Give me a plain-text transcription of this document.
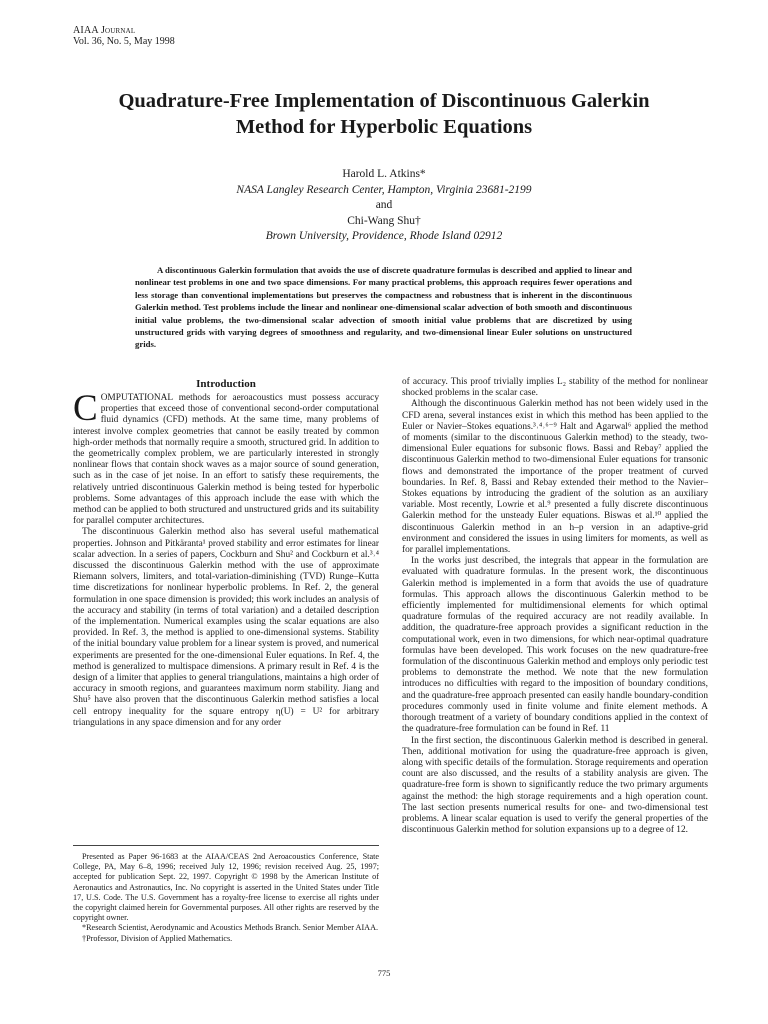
AIAA Journal
Vol. 36, No. 5, May 1998
Quadrature-Free Implementation of Discontinuous Galerkin
Method for Hyperbolic Equations
Harold L. Atkins*
NASA Langley Research Center, Hampton, Virginia 23681-2199
and
Chi-Wang Shu†
Brown University, Providence, Rhode Island 02912
A discontinuous Galerkin formulation that avoids the use of discrete quadrature formulas is described and applied to linear and nonlinear test problems in one and two space dimensions. For many practical problems, this approach requires fewer operations and less storage than conventional implementations but preserves the compactness and robustness that is inherent in the discontinuous Galerkin method. Test problems include the linear and nonlinear one-dimensional scalar advection of both smooth and discontinuous initial value problems, the two-dimensional scalar advection of smooth initial value problems that are discretized by using unstructured grids with varying degrees of smoothness and regularity, and two-dimensional linear Euler solutions on unstructured grids.
Introduction

COMPUTATIONAL methods for aeroacoustics must possess accuracy properties that exceed those of conventional second-order computational fluid dynamics (CFD) methods. At the same time, many problems of interest involve complex geometries that cannot be easily treated by common high-order methods that normally require a smooth, structured grid. In addition to the geometrically complex problem, we are particularly interested in strongly nonlinear flows that contain shock waves as a major source of sound generation, such as in the case of jet noise. In an effort to satisfy these requirements, the relatively untried discontinuous Galerkin method is being tested for hyperbolic problems. Some advantages of this approach include the ease with which the method can be applied to both structured and unstructured grids and its suitability for parallel computer architectures.

The discontinuous Galerkin method also has several useful mathematical properties. Johnson and Pitkäranta¹ proved stability and error estimates for linear scalar advection. In a series of papers, Cockburn and Shu² and Cockburn et al.³˒⁴ discussed the discontinuous Galerkin method with the use of approximate Riemann solvers, limiters, and total-variation-diminishing (TVD) Runge–Kutta time discretizations for nonlinear hyperbolic problems. In Ref. 2, the general formulation in one space dimension is provided; this work includes an analysis of the accuracy and stability (in terms of total variation) and a detailed description of the implementation. Numerical examples using the scalar equations are also provided. In Ref. 3, the method is applied to one-dimensional systems. Stability of the initial boundary value problem for a linear system is proved, and numerical experiments are presented for the one-dimensional Euler equations. In Ref. 4, the method is generalized to multispace dimensions. A primary result in Ref. 4 is the design of a limiter that applies to general triangulations, maintains a high order of accuracy in smooth regions, and guarantees maximum norm stability. Jiang and Shu⁵ have also proven that the discontinuous Galerkin method satisfies a local cell entropy inequality for the square entropy η(U) = U² for arbitrary triangulations in any space dimension and for any order

Presented as Paper 96-1683 at the AIAA/CEAS 2nd Aeroacoustics Conference, State College, PA, May 6–8, 1996; received July 12, 1996; revision received Aug. 25, 1997; accepted for publication Sept. 22, 1997. Copyright © 1998 by the American Institute of Aeronautics and Astronautics, Inc. No copyright is asserted in the United States under Title 17, U.S. Code. The U.S. Government has a royalty-free license to exercise all rights under the copyright claimed herein for Governmental purposes. All other rights are reserved by the copyright owner.

*Research Scientist, Aerodynamic and Acoustics Methods Branch. Senior Member AIAA.

†Professor, Division of Applied Mathematics.

of accuracy. This proof trivially implies L₂ stability of the method for nonlinear shocked problems in the scalar case.

Although the discontinuous Galerkin method has not been widely used in the CFD arena, several instances exist in which this method has been applied to the Euler or Navier–Stokes equations.³˒⁴˒⁶⁻⁹ Halt and Agarwal⁶ applied the method of moments (similar to the discontinuous Galerkin method) to the steady, two-dimensional Euler equations for subsonic flows. Bassi and Rebay⁷ applied the discontinuous Galerkin method to two-dimensional Euler equations for transonic flows and demonstrated the importance of the proper treatment of curved boundaries. In Ref. 8, Bassi and Rebay extended their method to the Navier–Stokes equations by introducing the gradient of the solution as an auxiliary variable. Most recently, Lowrie et al.⁹ presented a fully discrete discontinuous Galerkin method for the unsteady Euler equations. Biswas et al.¹⁰ applied the discontinuous Galerkin method in an h–p version in an adaptive-grid environment and considered the issues in using limiters for moments, as well as for parallel implementations.

In the works just described, the integrals that appear in the formulation are evaluated with quadrature formulas. In the present work, the discontinuous Galerkin method is implemented in a form that avoids the use of quadrature formulas. This approach allows the discontinuous Galerkin method to be efficiently implemented for multidimensional elements for which optimal quadrature formulas of the required accuracy are not readily available. In addition, the quadrature-free approach provides a significant reduction in the computational work, even in two dimensions, for which near-optimal quadrature formulas have been developed. This work focuses on the new quadrature-free formulation of the discontinuous Galerkin method and employs only periodic test problems to demonstrate the method. We note that the new formulation introduces no difficulties with regard to the imposition of boundary conditions, and the quadrature-free approach presented can easily handle boundary-condition procedures commonly used in finite volume and finite element methods. A thorough treatment of a variety of boundary conditions applied in the context of the quadrature-free formulation can be found in Ref. 11

In the first section, the discontinuous Galerkin method is described in general. Then, additional motivation for using the quadrature-free approach is given, along with specific details of the formulation. Storage requirements and operation count are also discussed, and the results of a stability analysis are given. The quadrature-free form is shown to significantly reduce the two primary arguments against the method: the high storage requirements and a high operation count. The last section presents numerical results for one- and two-dimensional test problems. A linear scalar equation is used to verify the general properties of the discontinuous Galerkin method for solution expansions up to a degree of 12.

775
